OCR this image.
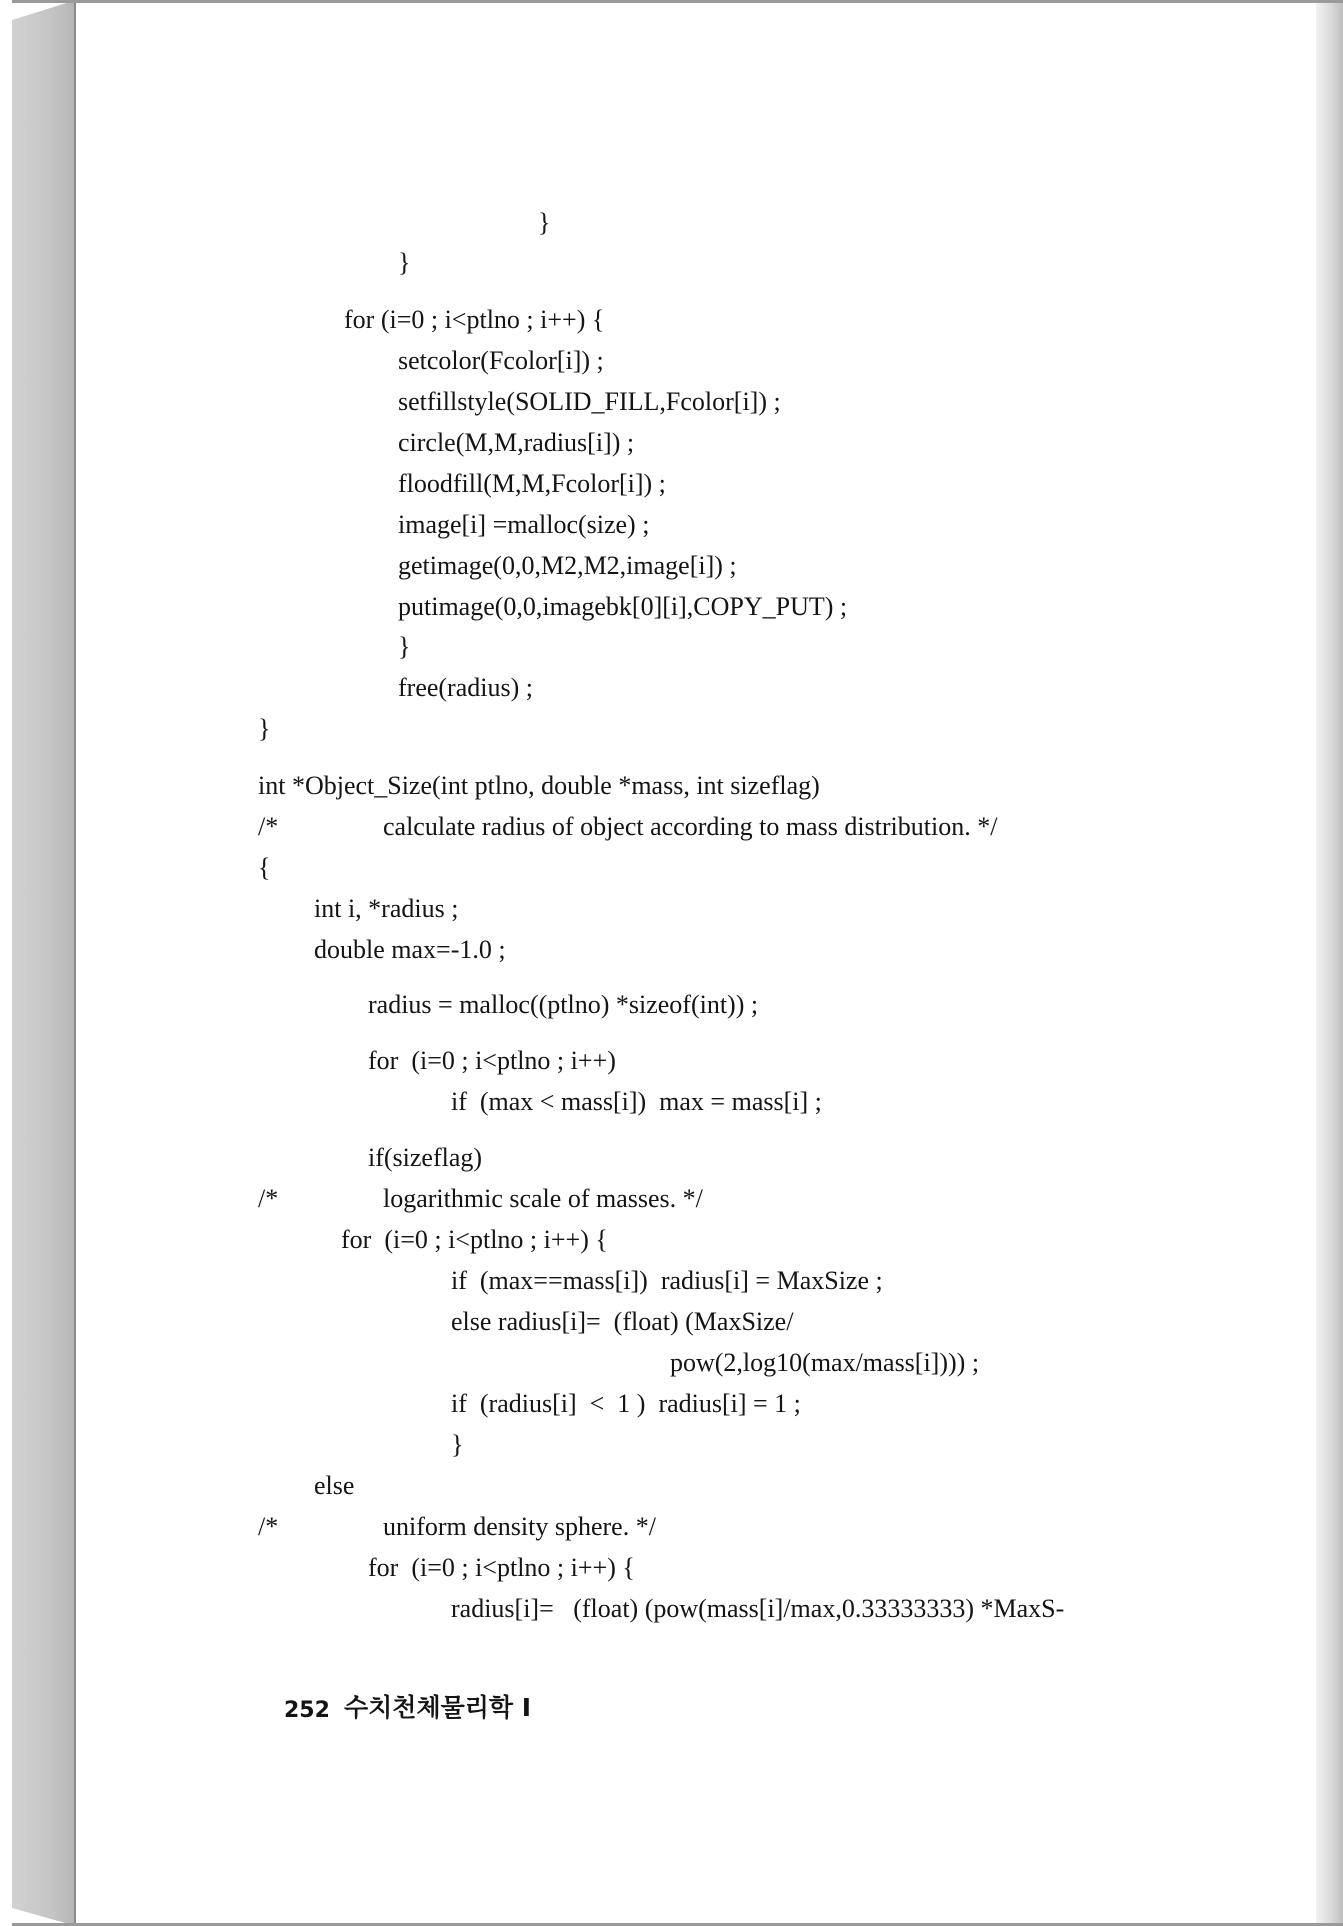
}

}

for (i=0 ; i<ptlno ; i++) {

setcolor(Fcolor[i]) ;

setfillstyle(SOLID_FILL,Fcolor[i]) ;

circle(M,M,radius[i]) ;

floodfill(M,M,Fcolor[i]) ;

image[i] =malloc(size) ;

getimage(0,0,M2,M2,image[i]) ;

putimage(0,0,imagebk[0][i],COPY_PUT) ;

}

free(radius) ;

}

int *Object_Size(int ptlno, double *mass, int sizeflag)

/*	calculate radius of object according to mass distribution. */

{

int i, *radius ;

double max=-1.0 ;

radius = malloc((ptlno) *sizeof(int)) ;

for  (i=0 ; i<ptlno ; i++)

if  (max < mass[i])  max = mass[i] ;

if(sizeflag)

/*	logarithmic scale of masses. */

for  (i=0 ; i<ptlno ; i++) {

if  (max==mass[i])  radius[i] = MaxSize ;

else radius[i]=  (float) (MaxSize/

pow(2,log10(max/mass[i]))) ;

if  (radius[i]  <  1 )  radius[i] = 1 ;

}

else

/*	uniform density sphere. */

for  (i=0 ; i<ptlno ; i++) {

radius[i]=   (float) (pow(mass[i]/max,0.33333333) *MaxS-

252 수치천체물리학 I
